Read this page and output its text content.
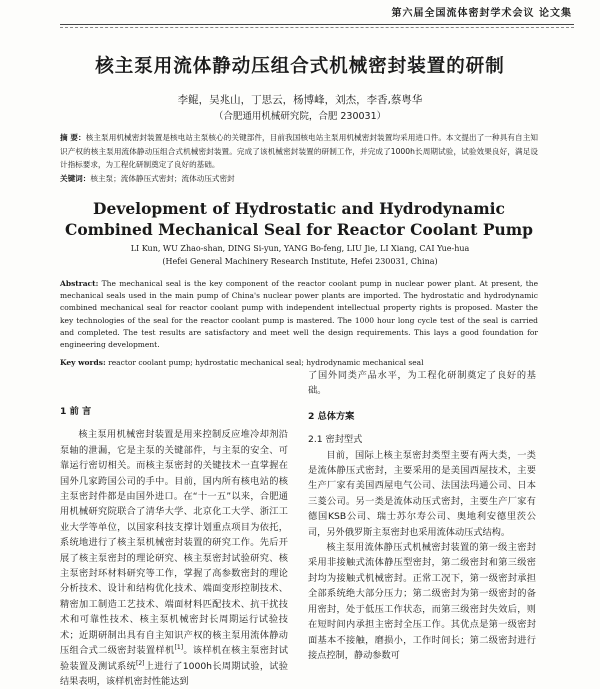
第六届全国流体密封学术会议 论文集
核主泵用流体静动压组合式机械密封装置的研制
李鲲，吴兆山，丁思云，杨博峰，刘杰，李香,蔡粤华
（合肥通用机械研究院，合肥 230031）
摘 要：核主泵用机械密封装置是核电站主泵核心的关键部件，目前我国核电站主泵用机械密封装置均采用进口件。本文提出了一种具有自主知识产权的核主泵用流体静动压组合式机械密封装置。完成了该机械密封装置的研制工作，并完成了1000h长周期试验，试验效果良好，满足设计指标要求，为工程化研制奠定了良好的基础。
关键词：核主泵；流体静压式密封；流体动压式密封
Development of Hydrostatic and Hydrodynamic Combined Mechanical Seal for Reactor Coolant Pump
LI Kun, WU Zhao-shan, DING Si-yun, YANG Bo-feng, LIU Jie, LI Xiang, CAI Yue-hua
(Hefei General Machinery Research Institute, Hefei 230031, China)
Abstract: The mechanical seal is the key component of the reactor coolant pump in nuclear power plant. At present, the mechanical seals used in the main pump of China's nuclear power plants are imported. The hydrostatic and hydrodynamic combined mechanical seal for reactor coolant pump with independent intellectual property rights is proposed. Master the key technologies of the seal for the reactor coolant pump is mastered. The 1000 hour long cycle test of the seal is carried and completed. The test results are satisfactory and meet well the design requirements. This lays a good foundation for engineering development.
Key words: reactor coolant pump; hydrostatic mechanical seal; hydrodynamic mechanical seal

1 前 言

核主泵用机械密封装置是用来控制反应堆冷却剂沿泵轴的泄漏，它是主泵的关键部件，与主泵的安全、可靠运行密切相关。而核主泵密封的关键技术一直掌握在国外几家跨国公司的手中。目前，国内所有核电站的核主泵密封件都是由国外进口。在“十一五”以来，合肥通用机械研究院联合了清华大学、北京化工大学、浙江工业大学等单位，以国家科技支撑计划重点项目为依托，系统地进行了核主泵机械密封装置的研究工作。先后开展了核主泵密封的理论研究、核主泵密封试验研究、核主泵密封环材料研究等工作，掌握了高参数密封的理论分析技术、设计和结构优化技术、端面变形控制技术、精密加工制造工艺技术、端面材料匹配技术、抗干扰技术和可靠性技术、核主泵机械密封长周期运行试验技术；近期研制出具有自主知识产权的核主泵用流体静动压组合式二级密封装置样机[1]。该样机在核主泵密封试验装置及测试系统[2]上进行了1000h长周期试验，试验结果表明，该样机密封性能达到

了国外同类产品水平，为工程化研制奠定了良好的基础。

2 总体方案

2.1 密封型式

目前，国际上核主泵密封类型主要有两大类，一类是流体静压式密封，主要采用的是美国西屋技术，主要生产厂家有美国西屋电气公司、法国法玛通公司、日本三菱公司。另一类是流体动压式密封，主要生产厂家有德国KSB公司、瑞士苏尔寿公司、奥地利安德里茨公司，另外俄罗斯主泵密封也采用流体动压式结构。

核主泵用流体静压式机械密封装置的第一级主密封采用非接触式流体静压型密封，第二级密封和第三级密封均为接触式机械密封。正常工况下，第一级密封承担全部系统绝大部分压力；第二级密封为第一级密封的备用密封，处于低压工作状态，而第三级密封失效后，则在短时间内承担主密封全压工作。其优点是第一级密封面基本不接触，磨损小，工作时间长；第二级密封进行接点控制，静动参数可
